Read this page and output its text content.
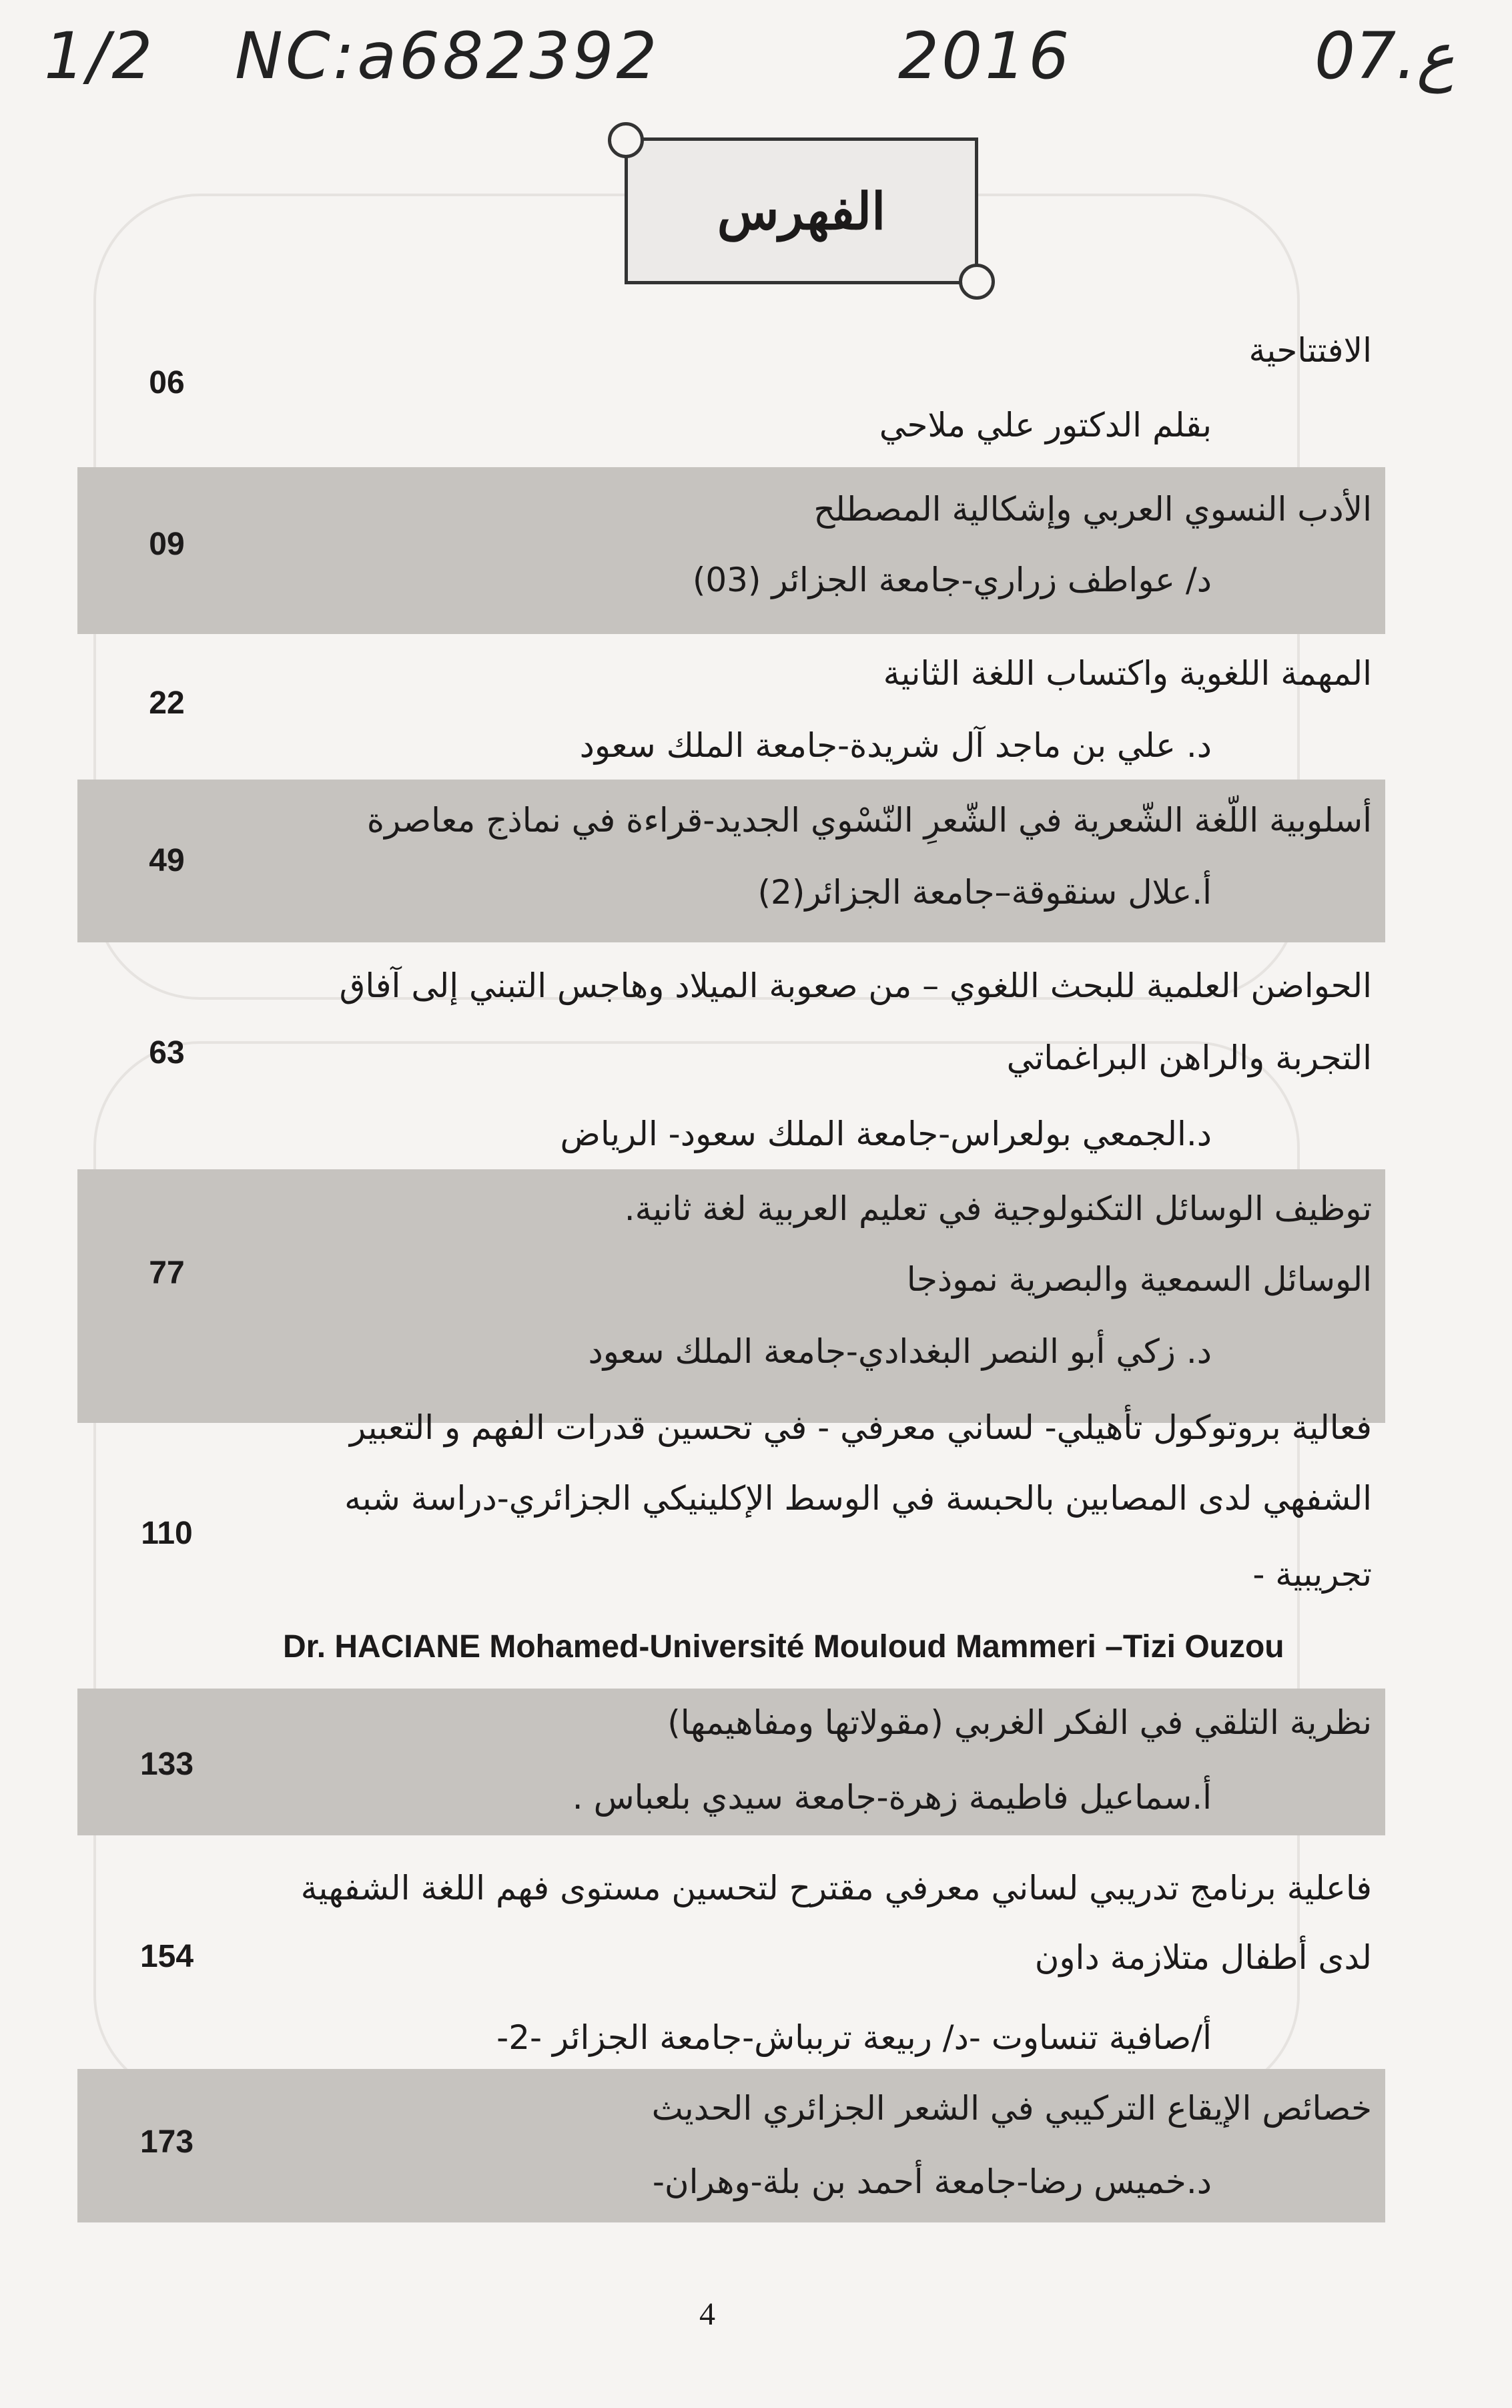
1/2 NC:a682392	2016	07.ع
الفهرس
الافتتاحية
06
بقلم الدكتور علي ملاحي
الأدب النسوي العربي وإشكالية المصطلح
09
د/ عواطف زراري-جامعة الجزائر (03)
المهمة اللغوية واكتساب اللغة الثانية
22
د. علي بن ماجد آل شريدة-جامعة الملك سعود
أسلوبية اللّغة الشّعرية في الشّعرِ النّسْوي الجديد-قراءة في نماذج معاصرة
49
أ.علال سنقوقة–جامعة الجزائر(2)
الحواضن العلمية للبحث اللغوي – من صعوبة الميلاد وهاجس التبني إلى آفاق
التجربة والراهن البراغماتي
63
د.الجمعي بولعراس-جامعة الملك سعود- الرياض
توظيف الوسائل التكنولوجية في تعليم العربية لغة ثانية.
الوسائل السمعية والبصرية نموذجا
77
د. زكي أبو النصر البغدادي-جامعة الملك سعود
فعالية بروتوكول تأهيلي- لساني معرفي - في تحسين قدرات الفهم و التعبير
الشفهي لدى المصابين بالحبسة في الوسط الإكلينيكي الجزائري-دراسة شبه
110
تجريبية -
Dr. HACIANE Mohamed-Université Mouloud Mammeri –Tizi Ouzou
نظرية التلقي في الفكر الغربي (مقولاتها ومفاهيمها)
133
أ.سماعيل فاطيمة زهرة-جامعة سيدي بلعباس .
فاعلية برنامج تدريبي لساني معرفي مقترح لتحسين مستوى فهم اللغة الشفهية
لدى أطفال متلازمة داون
154
أ/صافية تنساوت -د/ ربيعة تربباش-جامعة الجزائر -2-
خصائص الإيقاع التركيبي في الشعر الجزائري الحديث
173
د.خميس رضا-جامعة أحمد بن بلة-وهران-
4
